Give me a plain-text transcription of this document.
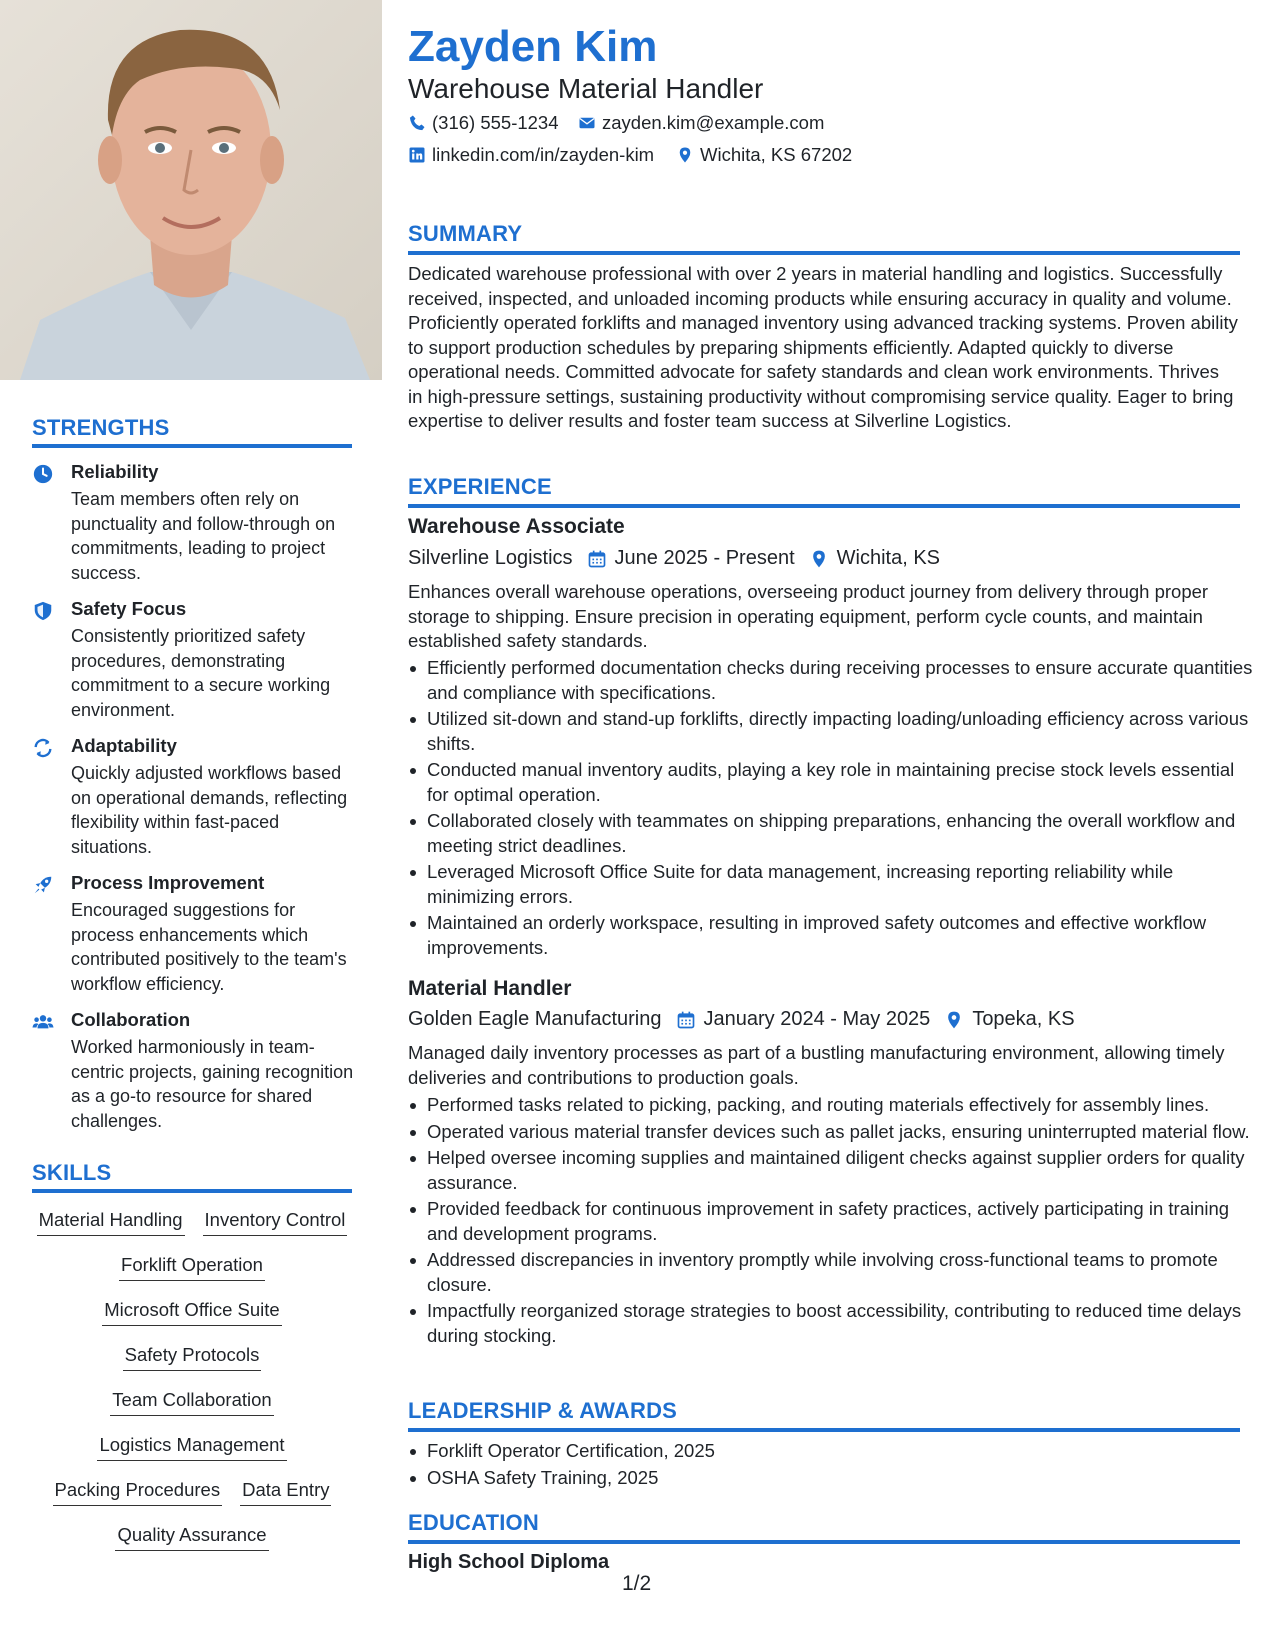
STRENGTHS
Reliability
Team members often rely on punctuality and follow-through on commitments, leading to project success.
Safety Focus
Consistently prioritized safety procedures, demonstrating commitment to a secure working environment.
Adaptability
Quickly adjusted workflows based on operational demands, reflecting flexibility within fast-paced situations.
Process Improvement
Encouraged suggestions for process enhancements which contributed positively to the team's workflow efficiency.
Collaboration
Worked harmoniously in team-centric projects, gaining recognition as a go-to resource for shared challenges.
SKILLS
Material Handling Inventory Control
Forklift Operation
Microsoft Office Suite
Safety Protocols
Team Collaboration
Logistics Management
Packing Procedures Data Entry
Quality Assurance
Zayden Kim
Warehouse Material Handler
(316) 555-1234 zayden.kim@example.com
linkedin.com/in/zayden-kim Wichita, KS 67202
SUMMARY
Dedicated warehouse professional with over 2 years in material handling and logistics. Successfully received, inspected, and unloaded incoming products while ensuring accuracy in quality and volume. Proficiently operated forklifts and managed inventory using advanced tracking systems. Proven ability to support production schedules by preparing shipments efficiently. Adapted quickly to diverse operational needs. Committed advocate for safety standards and clean work environments. Thrives in high-pressure settings, sustaining productivity without compromising service quality. Eager to bring expertise to deliver results and foster team success at Silverline Logistics.
EXPERIENCE
Warehouse Associate
Silverline Logistics June 2025 - Present Wichita, KS
Enhances overall warehouse operations, overseeing product journey from delivery through proper storage to shipping. Ensure precision in operating equipment, perform cycle counts, and maintain established safety standards.
Efficiently performed documentation checks during receiving processes to ensure accurate quantities and compliance with specifications.
Utilized sit-down and stand-up forklifts, directly impacting loading/unloading efficiency across various shifts.
Conducted manual inventory audits, playing a key role in maintaining precise stock levels essential for optimal operation.
Collaborated closely with teammates on shipping preparations, enhancing the overall workflow and meeting strict deadlines.
Leveraged Microsoft Office Suite for data management, increasing reporting reliability while minimizing errors.
Maintained an orderly workspace, resulting in improved safety outcomes and effective workflow improvements.
Material Handler
Golden Eagle Manufacturing January 2024 - May 2025 Topeka, KS
Managed daily inventory processes as part of a bustling manufacturing environment, allowing timely deliveries and contributions to production goals.
Performed tasks related to picking, packing, and routing materials effectively for assembly lines.
Operated various material transfer devices such as pallet jacks, ensuring uninterrupted material flow.
Helped oversee incoming supplies and maintained diligent checks against supplier orders for quality assurance.
Provided feedback for continuous improvement in safety practices, actively participating in training and development programs.
Addressed discrepancies in inventory promptly while involving cross-functional teams to promote closure.
Impactfully reorganized storage strategies to boost accessibility, contributing to reduced time delays during stocking.
LEADERSHIP & AWARDS
Forklift Operator Certification, 2025
OSHA Safety Training, 2025
EDUCATION
High School Diploma
1/2
